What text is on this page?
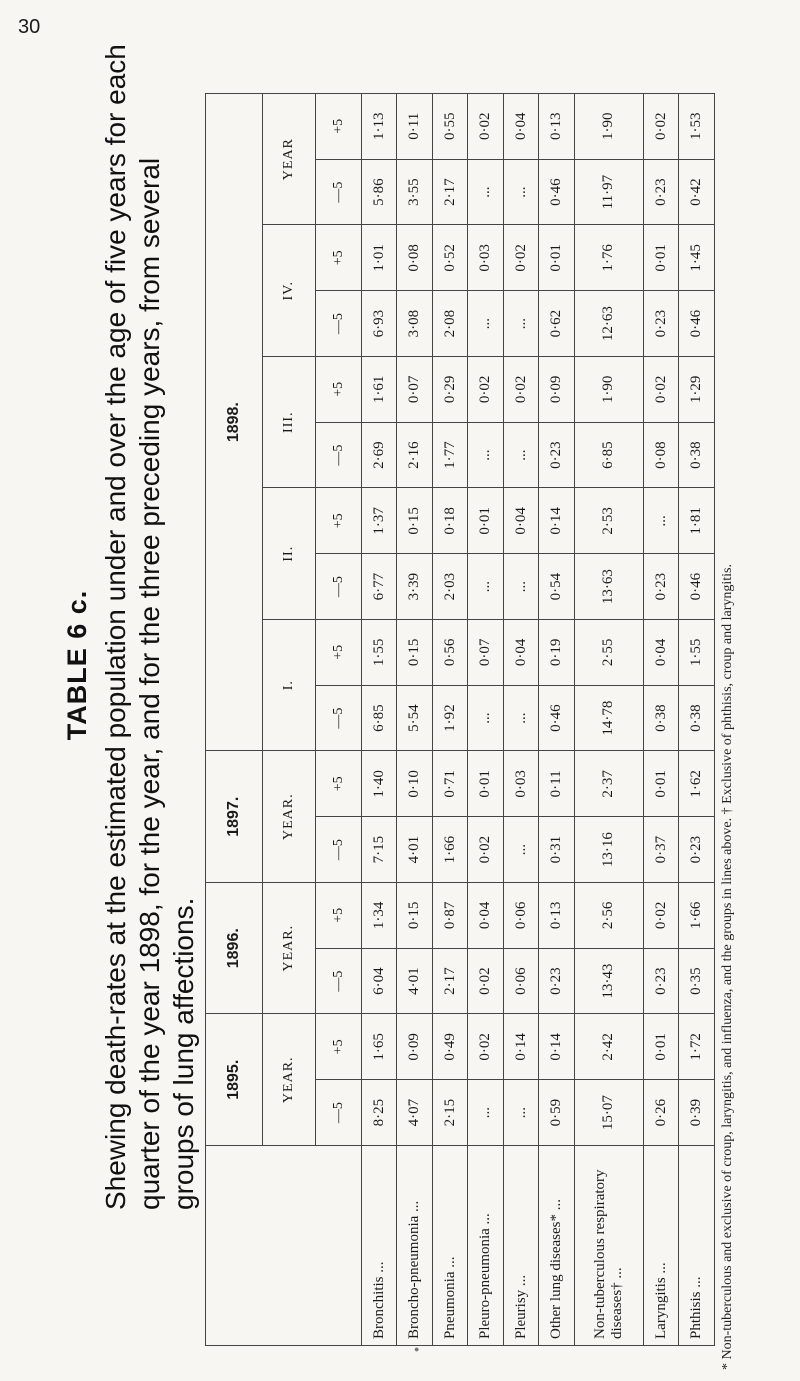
30
TABLE 6 c. Shewing death-rates at the estimated population under and over the age of five years for each quarter of the year 1898, for the year, and for the three preceding years, from several groups of lung affections.
	1895.		1896.		1897.		1898.									
	YEAR.		YEAR.		YEAR.		I.		II.		III.		IV.		YEAR	
	—5	+5	—5	+5	—5	+5	—5	+5	—5	+5	—5	+5	—5	+5	—5	+5
Bronchitis ...	8·25	1·65	6·04	1·34	7·15	1·40	6·85	1·55	6·77	1·37	2·69	1·61	6·93	1·01	5·86	1·13
Broncho-pneumonia ...	4·07	0·09	4·01	0·15	4·01	0·10	5·54	0·15	3·39	0·15	2·16	0·07	3·08	0·08	3·55	0·11
Pneumonia ...	2·15	0·49	2·17	0·87	1·66	0·71	1·92	0·56	2·03	0·18	1·77	0·29	2·08	0·52	2·17	0·55
Pleuro-pneumonia ...	...	0·02	0·02	0·04	0·02	0·01	...	0·07	...	0·01	...	0·02	...	0·03	...	0·02
Pleurisy ...	...	0·14	0·06	0·06	...	0·03	...	0·04	...	0·04	...	0·02	...	0·02	...	0·04
Other lung diseases* ...	0·59	0·14	0·23	0·13	0·31	0·11	0·46	0·19	0·54	0·14	0·23	0·09	0·62	0·01	0·46	0·13
Non-tuberculous respiratory diseases† ...	15·07	2·42	13·43	2·56	13·16	2·37	14·78	2·55	13·63	2·53	6·85	1·90	12·63	1·76	11·97	1·90
Laryngitis ...	0·26	0·01	0·23	0·02	0·37	0·01	0·38	0·04	0·23	...	0·08	0·02	0·23	0·01	0·23	0·02
Phthisis ...	0·39	1·72	0·35	1·66	0·23	1·62	0·38	1·55	0·46	1·81	0·38	1·29	0·46	1·45	0·42	1·53
* Non-tuberculous and exclusive of croup, laryngitis, and influenza, and the groups in lines above. † Exclusive of phthisis, croup and laryngitis.
●
